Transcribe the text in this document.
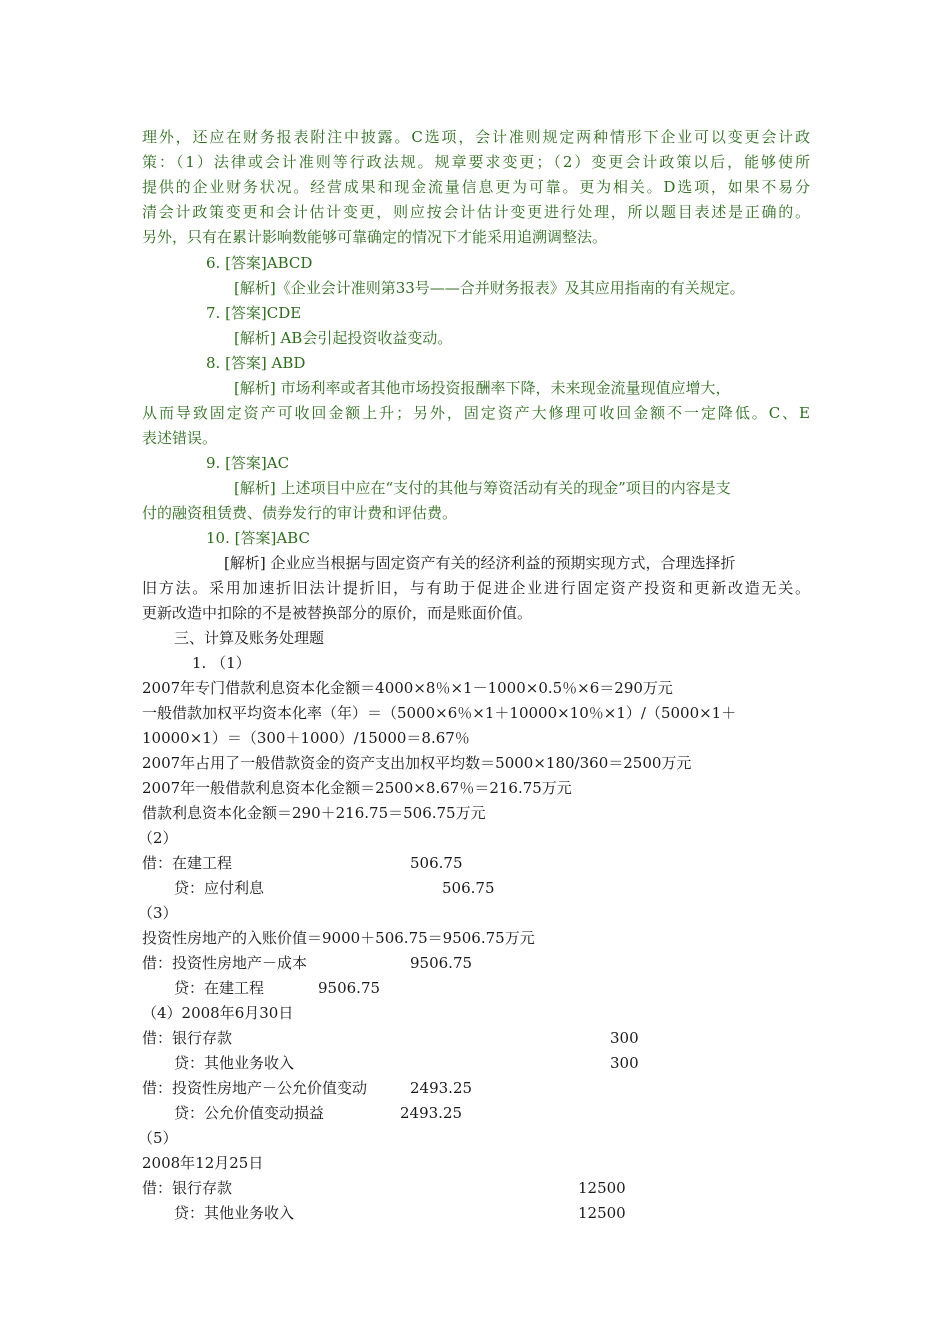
理外，还应在财务报表附注中披露。C选项，会计准则规定两种情形下企业可以变更会计政
策：（1）法律或会计准则等行政法规。规章要求变更；（2）变更会计政策以后，能够使所
提供的企业财务状况。经营成果和现金流量信息更为可靠。更为相关。D选项，如果不易分
清会计政策变更和会计估计变更，则应按会计估计变更进行处理，所以题目表述是正确的。
另外，只有在累计影响数能够可靠确定的情况下才能采用追溯调整法。
6. [答案]ABCD
[解析]《企业会计准则第33号——合并财务报表》及其应用指南的有关规定。
7. [答案]CDE
[解析] AB会引起投资收益变动。
8. [答案] ABD
[解析] 市场利率或者其他市场投资报酬率下降，未来现金流量现值应增大，
从而导致固定资产可收回金额上升；另外，固定资产大修理可收回金额不一定降低。C、E
表述错误。
9. [答案]AC
[解析] 上述项目中应在“支付的其他与筹资活动有关的现金”项目的内容是支
付的融资租赁费、债券发行的审计费和评估费。
10. [答案]ABC
[解析] 企业应当根据与固定资产有关的经济利益的预期实现方式，合理选择折
旧方法。采用加速折旧法计提折旧，与有助于促进企业进行固定资产投资和更新改造无关。
更新改造中扣除的不是被替换部分的原价，而是账面价值。
三、计算及账务处理题
1. （1）
2007年专门借款利息资本化金额＝4000×8％×1－1000×0.5％×6＝290万元
一般借款加权平均资本化率（年）＝（5000×6％×1＋10000×10％×1）/（5000×1＋
10000×1）＝（300＋1000）/15000＝8.67％
2007年占用了一般借款资金的资产支出加权平均数＝5000×180/360＝2500万元
2007年一般借款利息资本化金额＝2500×8.67％＝216.75万元
借款利息资本化金额＝290＋216.75＝506.75万元
（2）
借：在建工程	506.75
贷：应付利息	506.75
（3）
投资性房地产的入账价值＝9000＋506.75＝9506.75万元
借：投资性房地产－成本	9506.75
贷：在建工程	9506.75
（4）2008年6月30日
借：银行存款	300
贷：其他业务收入	300
借：投资性房地产－公允价值变动	2493.25
贷：公允价值变动损益	2493.25
（5）
2008年12月25日
借：银行存款	12500
贷：其他业务收入	12500
